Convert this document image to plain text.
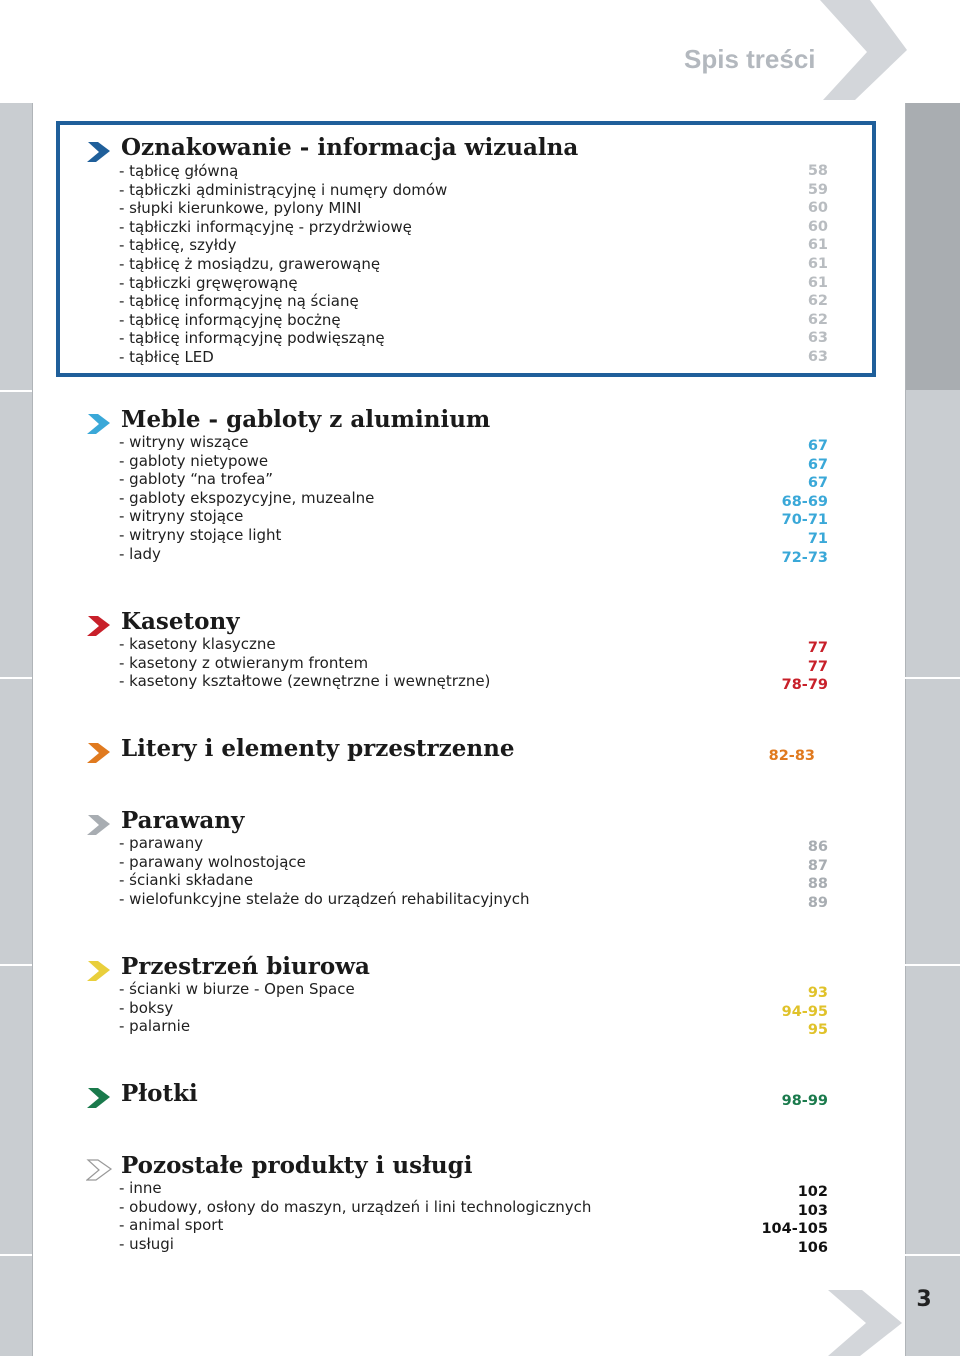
Spis treści
Oznakowanie - informacja wizualna
- tąbłicę główną
- tąbłiczki ądministrącyjnę i numęry domów
- słupki kierunkowe, pylony MINI
- tąbłiczki informącyjnę - przydrżwiowę
- tąbłicę, szyłdy
- tąbłicę ż mosiądzu, grawerowąnę
- tąbłiczki gręwęrowąnę
- tąbłicę informącyjnę ną ścianę
- tąbłicę informącyjnę bocżnę
- tąbłicę informącyjnę podwięsząnę
- tąbłicę LED
58
59
60
60
61
61
61
62
62
63
63
Meble - gabloty z aluminium
- witryny wiszące
- gabloty nietypowe
- gabloty “na trofea”
- gabloty ekspozycyjne, muzealne
- witryny stojące
- witryny stojące light
- lady
67
67
67
68-69
70-71
71
72-73
Kasetony
- kasetony klasyczne
- kasetony z otwieranym frontem
- kasetony kształtowe (zewnętrzne i wewnętrzne)
77
77
78-79
Litery i elementy przestrzenne	82-83
Parawany
- parawany
- parawany wolnostojące
- ścianki składane
- wielofunkcyjne stelaże do urządzeń rehabilitacyjnych
86
87
88
89
Przestrzeń biurowa
- ścianki w biurze - Open Space
- boksy
- palarnie
93
94-95
95
Płotki	98-99
Pozostałe produkty i usługi
- inne
- obudowy, osłony do maszyn, urządzeń i lini technologicznych
- animal sport
- usługi
102
103
104-105
106
3
